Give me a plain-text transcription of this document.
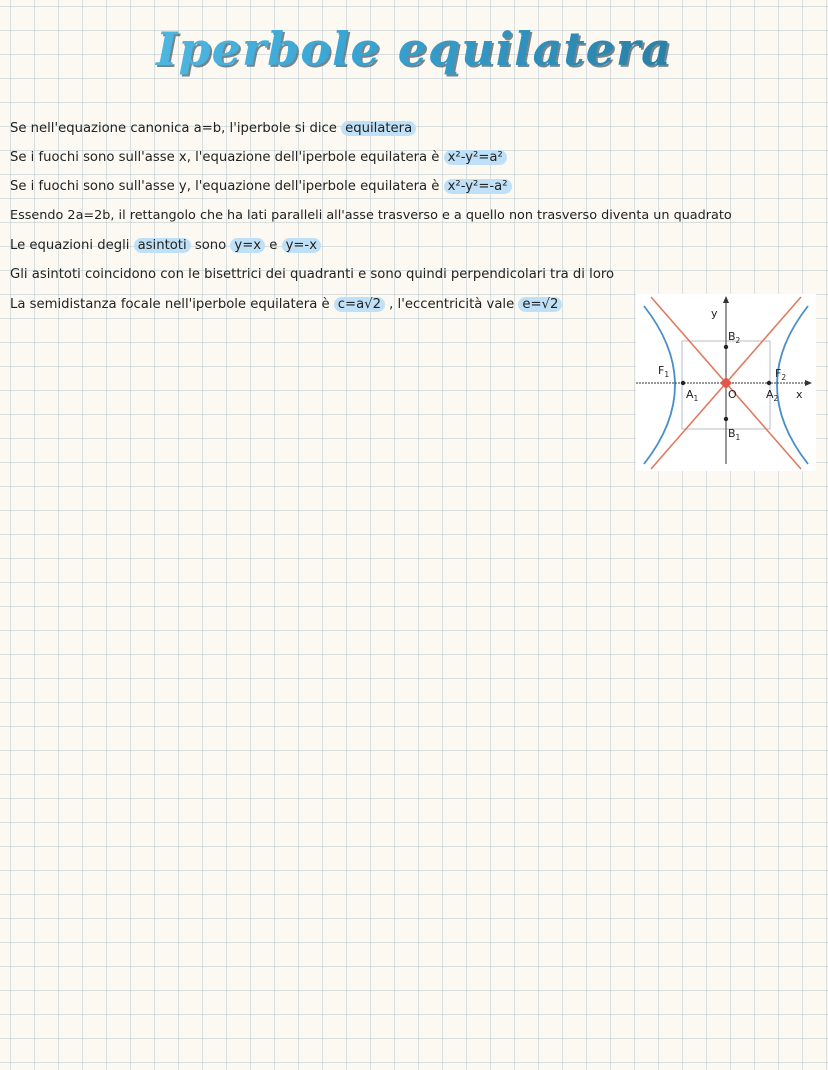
Iperbole equilatera
Se nell'equazione canonica a=b, l'iperbole si dice equilatera
Se i fuochi sono sull'asse x, l'equazione dell'iperbole equilatera è x²-y²=a²
Se i fuochi sono sull'asse y, l'equazione dell'iperbole equilatera è x²-y²=-a²
Essendo 2a=2b, il rettangolo che ha lati paralleli all'asse trasverso e a quello non trasverso diventa un quadrato
Le equazioni degli asintoti sono y=x e y=-x
Gli asintoti coincidono con le bisettrici dei quadranti e sono quindi perpendicolari tra di loro
La semidistanza focale nell'iperbole equilatera è c=a√2 , l'eccentricità vale e=√2
y
x
O
$F_1$	$F_2$
$A_1$	$A_2$
$B_2$
$B_1$
